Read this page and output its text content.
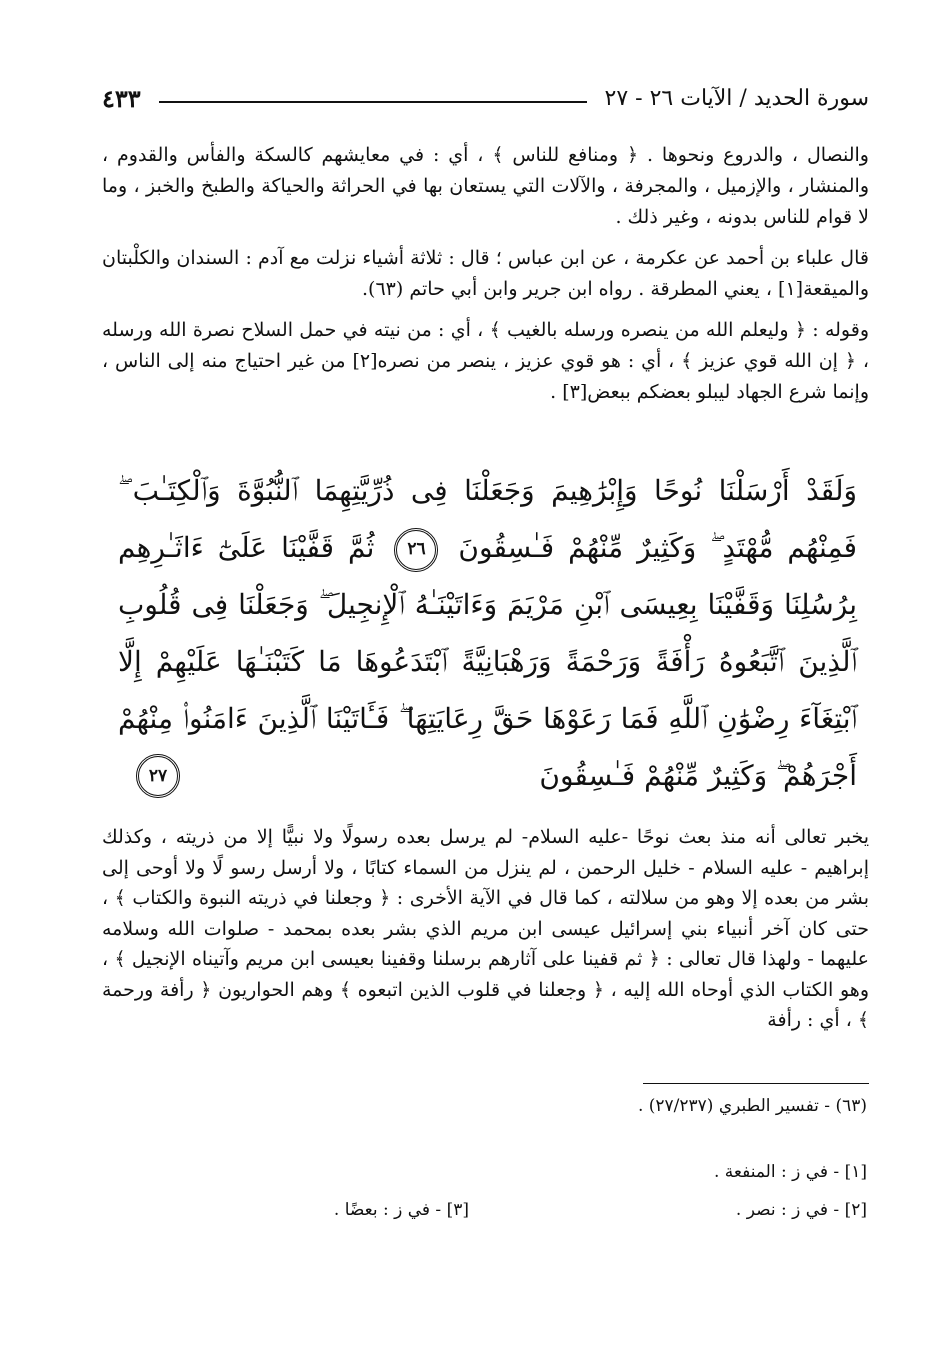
سورة الحديد / الآيات ٢٦ - ٢٧
٤٣٣

والنصال ، والدروع ونحوها . ﴿ ومنافع للناس ﴾ ، أي : في معايشهم كالسكة والفأس والقدوم ، والمنشار ، والإزميل ، والمجرفة ، والآلات التي يستعان بها في الحراثة والحياكة والطبخ والخبز ، وما لا قوام للناس بدونه ، وغير ذلك .

قال علباء بن أحمد عن عكرمة ، عن ابن عباس ؛ قال : ثلاثة أشياء نزلت مع آدم : السندان والكلْبتان والميقعة[١] ، يعني المطرقة . رواه ابن جرير وابن أبي حاتم (٦٣).

وقوله : ﴿ وليعلم الله من ينصره ورسله بالغيب ﴾ ، أي : من نيته في حمل السلاح نصرة الله ورسله ، ﴿ إن الله قوي عزيز ﴾ ، أي : هو قوي عزيز ، ينصر من نصره[٢] من غير احتياج منه إلى الناس ، وإنما شرع الجهاد ليبلو بعضكم ببعض[٣] .

وَلَقَدْ أَرْسَلْنَا نُوحًا وَإِبْرَٰهِيمَ وَجَعَلْنَا فِى ذُرِّيَّتِهِمَا ٱلنُّبُوَّةَ وَٱلْكِتَـٰبَ ۖ فَمِنْهُم مُّهْتَدٍ ۖ وَكَثِيرٌ مِّنْهُمْ فَـٰسِقُونَ ٢٦ ثُمَّ قَفَّيْنَا عَلَىٰٓ ءَاثَـٰرِهِم بِرُسُلِنَا وَقَفَّيْنَا بِعِيسَى ٱبْنِ مَرْيَمَ وَءَاتَيْنَـٰهُ ٱلْإِنجِيلَ ۖ وَجَعَلْنَا فِى قُلُوبِ ٱلَّذِينَ ٱتَّبَعُوهُ رَأْفَةً وَرَحْمَةً وَرَهْبَانِيَّةً ٱبْتَدَعُوهَا مَا كَتَبْنَـٰهَا عَلَيْهِمْ إِلَّا ٱبْتِغَآءَ رِضْوَٰنِ ٱللَّهِ فَمَا رَعَوْهَا حَقَّ رِعَايَتِهَا ۖ فَـَٔاتَيْنَا ٱلَّذِينَ ءَامَنُوا۟ مِنْهُمْ أَجْرَهُمْ ۖ وَكَثِيرٌ مِّنْهُمْ فَـٰسِقُونَ
٢٧

يخبر تعالى أنه منذ بعث نوحًا -عليه السلام- لم يرسل بعده رسولًا ولا نبيًّا إلا من ذريته ، وكذلك إبراهيم - عليه السلام - خليل الرحمن ، لم ينزل من السماء كتابًا ، ولا أرسل رسو لًا ولا أوحى إلى بشر من بعده إلا وهو من سلالته ، كما قال في الآية الأخرى : ﴿ وجعلنا في ذريته النبوة والكتاب ﴾ ، حتى كان آخر أنبياء بني إسرائيل عيسى ابن مريم الذي بشر بعده بمحمد - صلوات الله وسلامه عليهما - ولهذا قال تعالى : ﴿ ثم قفينا على آثارهم برسلنا وقفينا بعيسى ابن مريم وآتيناه الإنجيل ﴾ ، وهو الكتاب الذي أوحاه الله إليه ، ﴿ وجعلنا في قلوب الذين اتبعوه ﴾ وهم الحواريون ﴿ رأفة ورحمة ﴾ ، أي : رأفة

(٦٣) - تفسير الطبري (٢٧/٢٣٧) .
[١] - في ز : المنفعة .
[٢] - في ز : نصر .
[٣] - في ز : بعضًا .
